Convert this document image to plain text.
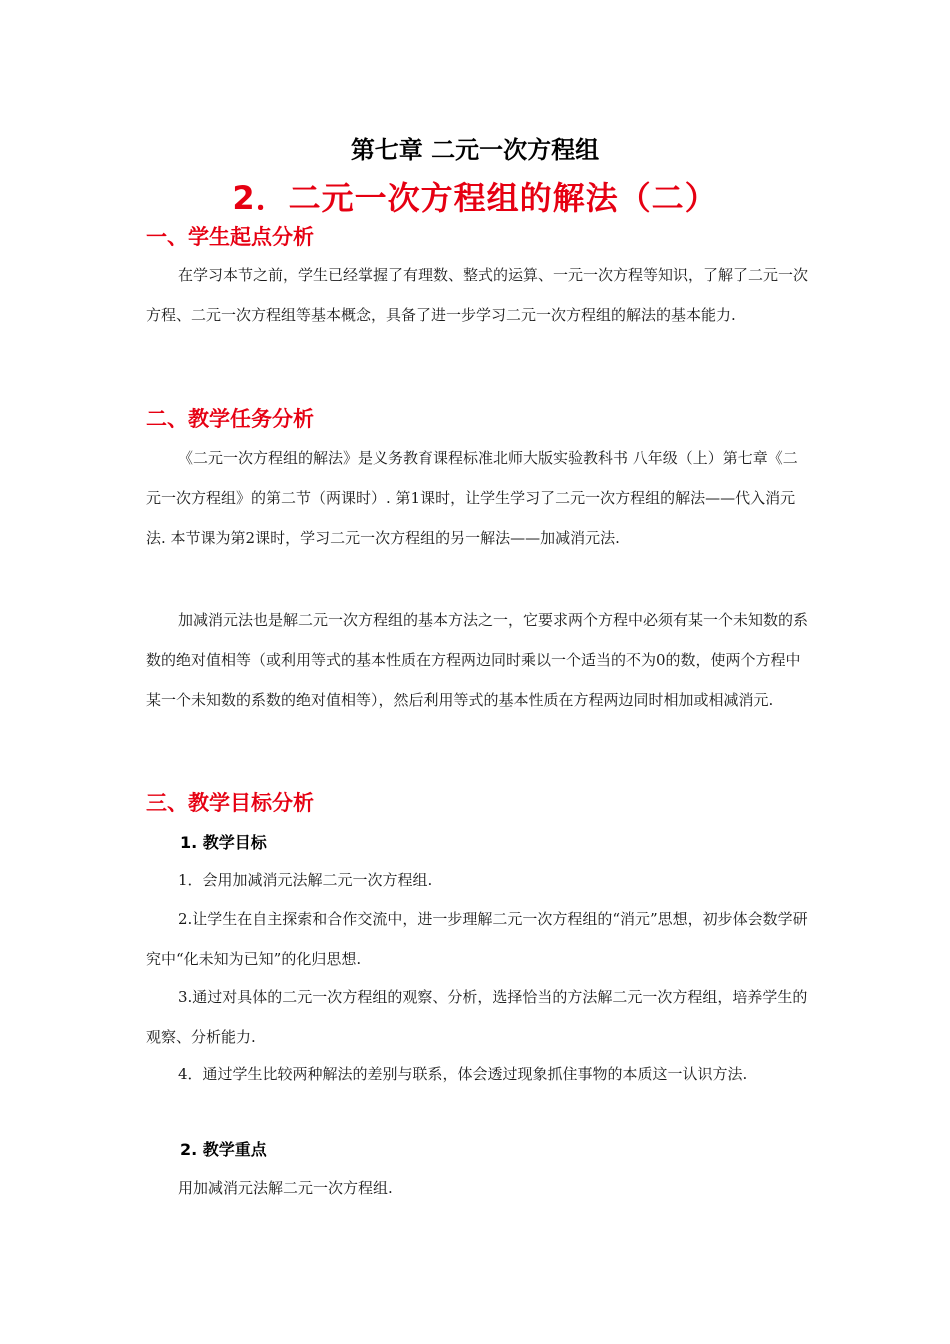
第七章 二元一次方程组
2．二元一次方程组的解法（二）
一、学生起点分析

在学习本节之前，学生已经掌握了有理数、整式的运算、一元一次方程等知识，了解了二元一次方程、二元一次方程组等基本概念，具备了进一步学习二元一次方程组的解法的基本能力.

二、教学任务分析

《二元一次方程组的解法》是义务教育课程标准北师大版实验教科书 八年级（上）第七章《二元一次方程组》的第二节（两课时）. 第1课时，让学生学习了二元一次方程组的解法——代入消元法. 本节课为第2课时，学习二元一次方程组的另一解法——加减消元法.

加减消元法也是解二元一次方程组的基本方法之一，它要求两个方程中必须有某一个未知数的系数的绝对值相等（或利用等式的基本性质在方程两边同时乘以一个适当的不为0的数，使两个方程中某一个未知数的系数的绝对值相等），然后利用等式的基本性质在方程两边同时相加或相减消元.

三、教学目标分析
1. 教学目标

1．会用加减消元法解二元一次方程组.

2.让学生在自主探索和合作交流中，进一步理解二元一次方程组的“消元”思想，初步体会数学研究中“化未知为已知”的化归思想.

3.通过对具体的二元一次方程组的观察、分析，选择恰当的方法解二元一次方程组，培养学生的观察、分析能力.

4．通过学生比较两种解法的差别与联系，体会透过现象抓住事物的本质这一认识方法.

2. 教学重点

用加减消元法解二元一次方程组.
